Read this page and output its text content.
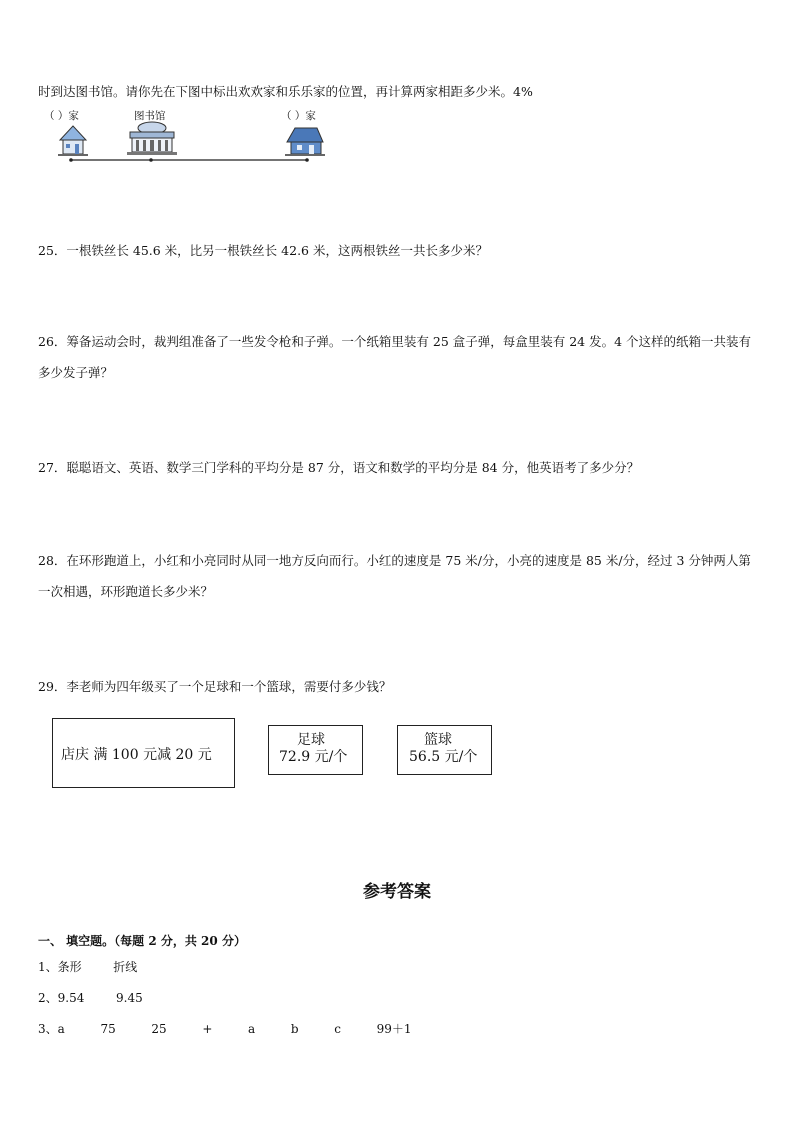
时到达图书馆。请你先在下图中标出欢欢家和乐乐家的位置，再计算两家相距多少米。4%
（ ）家	图书馆	（ ）家
25．一根铁丝长 45.6 米，比另一根铁丝长 42.6 米，这两根铁丝一共长多少米？
26．筹备运动会时，裁判组准备了一些发令枪和子弹。一个纸箱里装有 25 盒子弹，每盒里装有 24 发。4 个这样的纸箱一共装有多少发子弹？
27．聪聪语文、英语、数学三门学科的平均分是 87 分，语文和数学的平均分是 84 分，他英语考了多少分？
28．在环形跑道上，小红和小亮同时从同一地方反向而行。小红的速度是 75 米/分，小亮的速度是 85 米/分，经过 3 分钟两人第一次相遇，环形跑道长多少米？
29．李老师为四年级买了一个足球和一个篮球，需要付多少钱？
店庆 满 100 元减 20 元
足球
72.9 元/个
篮球
56.5 元/个
参考答案
一、 填空题。（每题 2 分，共 20 分）
1、条形	折线
2、9.54	9.45
3、a	75	25	+	a	b	c	99＋1
